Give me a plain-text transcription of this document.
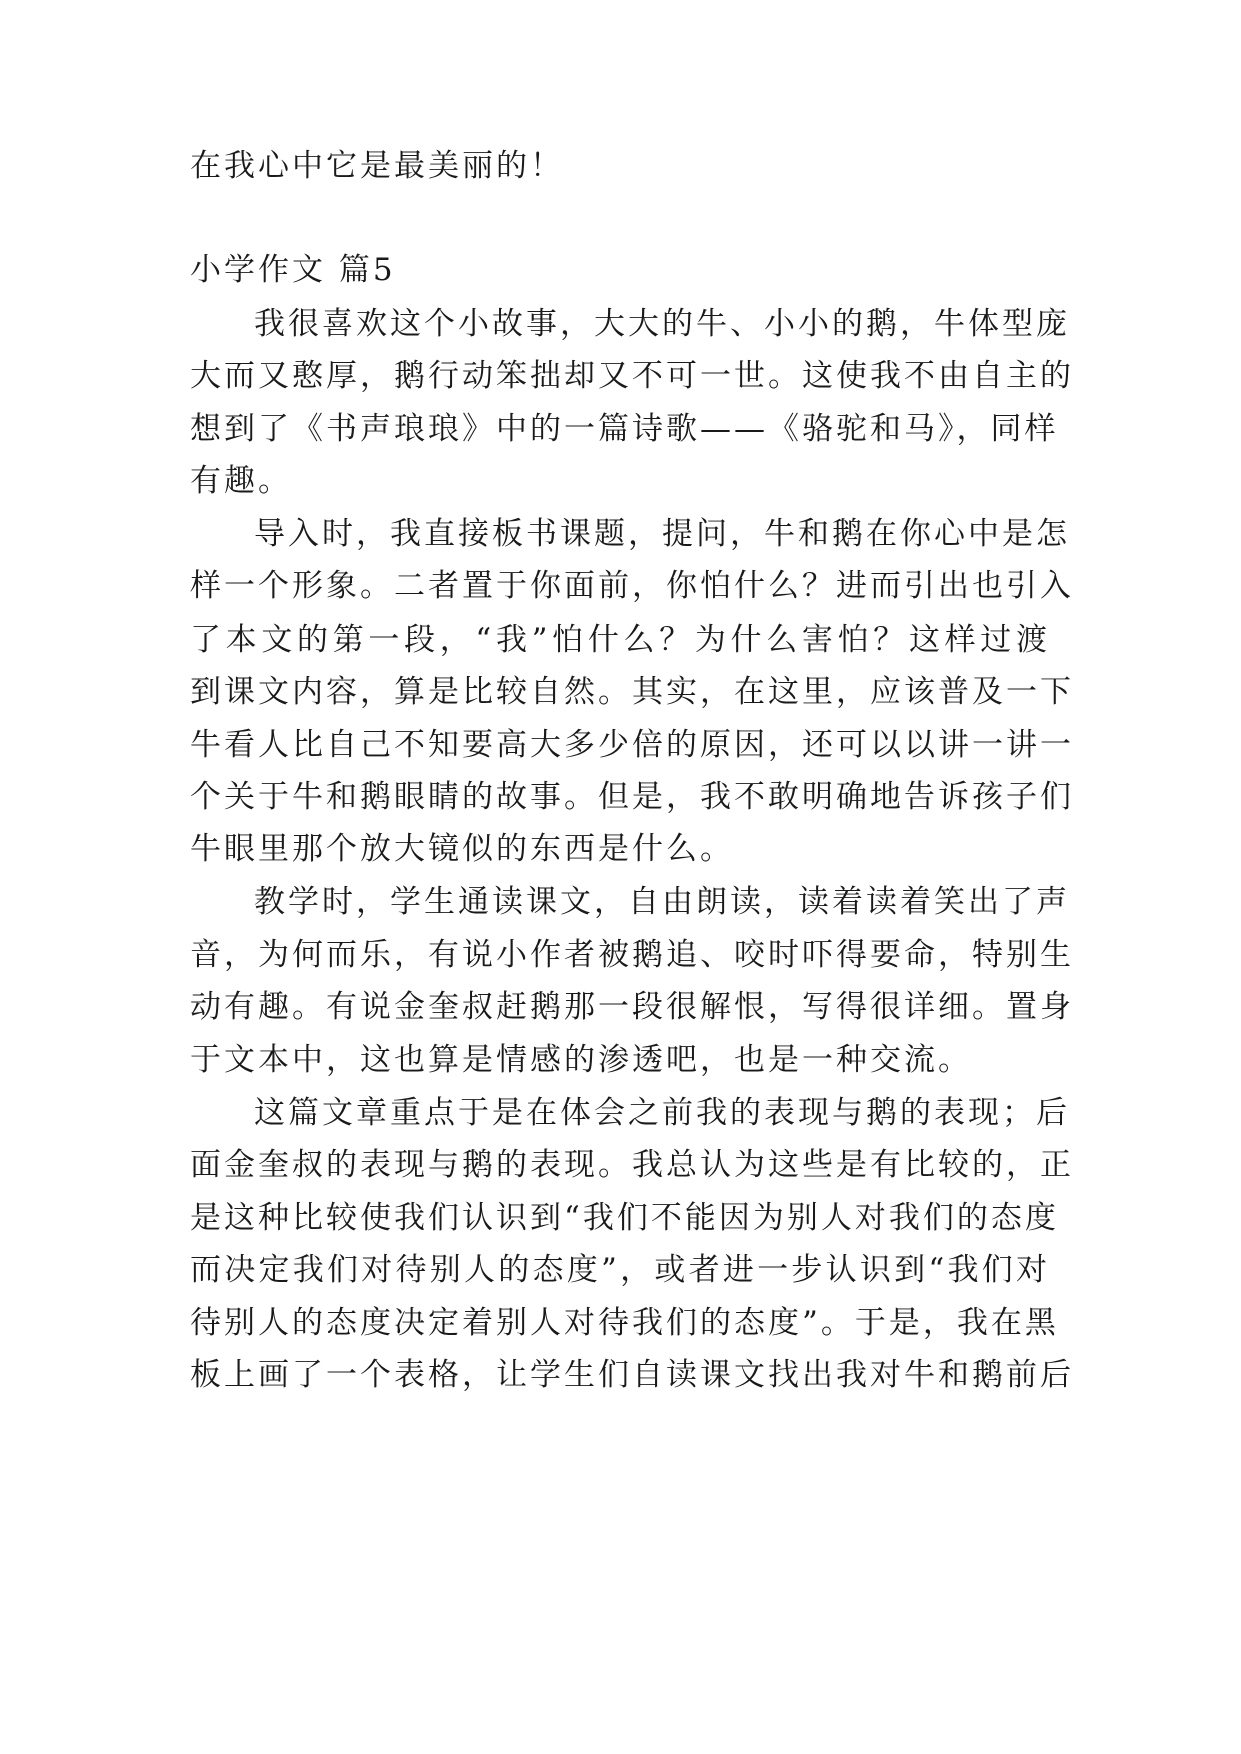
在我心中它是最美丽的！

小学作文 篇5

我很喜欢这个小故事，大大的牛、小小的鹅，牛体型庞

大而又憨厚，鹅行动笨拙却又不可一世。这使我不由自主的

想到了《书声琅琅》中的一篇诗歌——《骆驼和马》，同样

有趣。

导入时，我直接板书课题，提问，牛和鹅在你心中是怎

样一个形象。二者置于你面前，你怕什么？进而引出也引入

了本文的第一段，“我”怕什么？为什么害怕？这样过渡

到课文内容，算是比较自然。其实，在这里，应该普及一下

牛看人比自己不知要高大多少倍的原因，还可以以讲一讲一

个关于牛和鹅眼睛的故事。但是，我不敢明确地告诉孩子们

牛眼里那个放大镜似的东西是什么。

教学时，学生通读课文，自由朗读，读着读着笑出了声

音，为何而乐，有说小作者被鹅追、咬时吓得要命，特别生

动有趣。有说金奎叔赶鹅那一段很解恨，写得很详细。置身

于文本中，这也算是情感的渗透吧，也是一种交流。

这篇文章重点于是在体会之前我的表现与鹅的表现；后

面金奎叔的表现与鹅的表现。我总认为这些是有比较的，正

是这种比较使我们认识到“我们不能因为别人对我们的态度

而决定我们对待别人的态度”，或者进一步认识到“我们对

待别人的态度决定着别人对待我们的态度”。于是，我在黑

板上画了一个表格，让学生们自读课文找出我对牛和鹅前后
